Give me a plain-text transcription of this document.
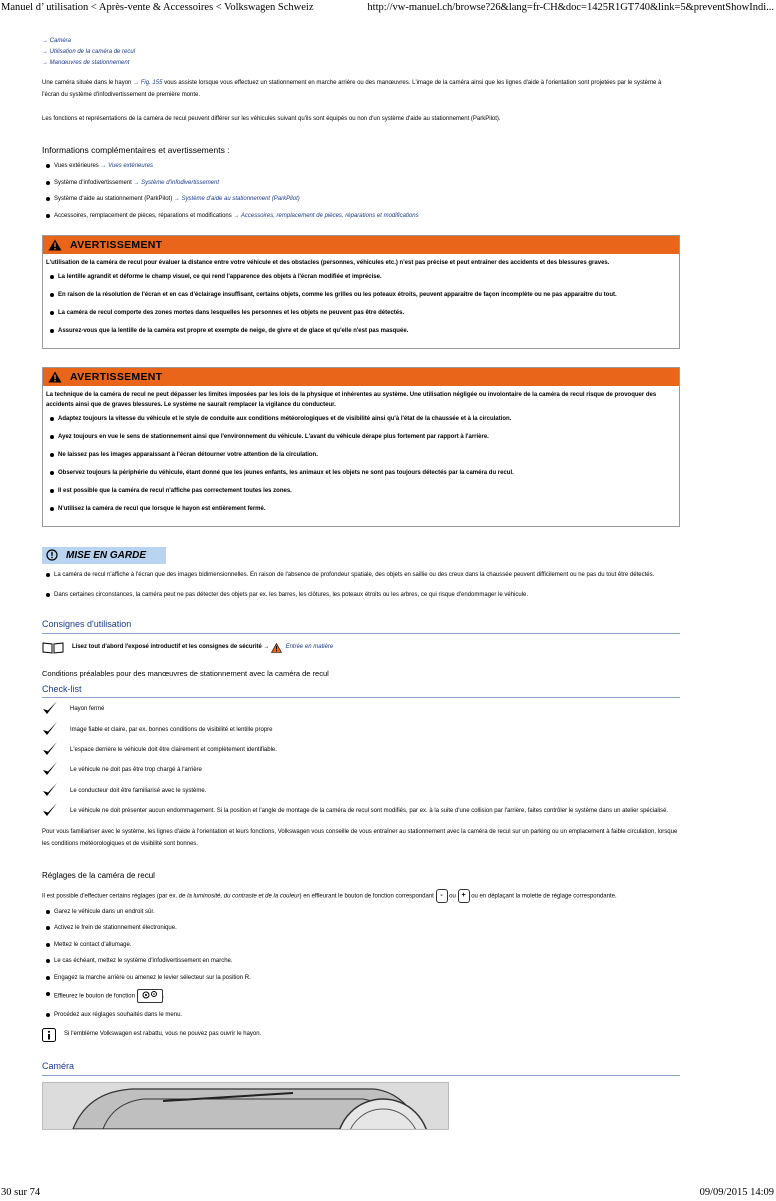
Manuel d’ utilisation < Après-vente & Accessoires < Volkswagen Schweiz	http://vw-manuel.ch/browse?26&lang=fr-CH&doc=1425R1GT740&link=5&preventShowIndi...
→ Caméra
→ Utilisation de la caméra de recul
→ Manœuvres de stationnement

Une caméra située dans le hayon → Fig. 155 vous assiste lorsque vous effectuez un stationnement en marche arrière ou des manœuvres. L'image de la caméra ainsi que les lignes d'aide à l'orientation sont projetées par le système à l'écran du système d'infodivertissement de première monte.

Les fonctions et représentations de la caméra de recul peuvent différer sur les véhicules suivant qu'ils sont équipés ou non d'un système d'aide au stationnement (ParkPilot).

Informations complémentaires et avertissements :
Vues extérieures → Vues extérieures
Système d'infodivertissement → Système d'infodivertissement
Système d'aide au stationnement (ParkPilot) → Système d'aide au stationnement (ParkPilot)
Accessoires, remplacement de pièces, réparations et modifications → Accessoires, remplacement de pièces, réparations et modifications
AVERTISSEMENT

L'utilisation de la caméra de recul pour évaluer la distance entre votre véhicule et des obstacles (personnes, véhicules etc.) n'est pas précise et peut entraîner des accidents et des blessures graves.

La lentille agrandit et déforme le champ visuel, ce qui rend l'apparence des objets à l'écran modifiée et imprécise.
En raison de la résolution de l'écran et en cas d'éclairage insuffisant, certains objets, comme les grilles ou les poteaux étroits, peuvent apparaître de façon incomplète ou ne pas apparaître du tout.
La caméra de recul comporte des zones mortes dans lesquelles les personnes et les objets ne peuvent pas être détectés.
Assurez-vous que la lentille de la caméra est propre et exempte de neige, de givre et de glace et qu'elle n'est pas masquée.
AVERTISSEMENT

La technique de la caméra de recul ne peut dépasser les limites imposées par les lois de la physique et inhérentes au système. Une utilisation négligée ou involontaire de la caméra de recul risque de provoquer des accidents ainsi que de graves blessures. Le système ne saurait remplacer la vigilance du conducteur.

Adaptez toujours la vitesse du véhicule et le style de conduite aux conditions météorologiques et de visibilité ainsi qu'à l'état de la chaussée et à la circulation.
Ayez toujours en vue le sens de stationnement ainsi que l'environnement du véhicule. L'avant du véhicule dérape plus fortement par rapport à l'arrière.
Ne laissez pas les images apparaissant à l'écran détourner votre attention de la circulation.
Observez toujours la périphérie du véhicule, étant donné que les jeunes enfants, les animaux et les objets ne sont pas toujours détectés par la caméra du recul.
Il est possible que la caméra de recul n'affiche pas correctement toutes les zones.
N'utilisez la caméra de recul que lorsque le hayon est entièrement fermé.
MISE EN GARDE
La caméra de recul n'affiche à l'écran que des images bidimensionnelles. En raison de l'absence de profondeur spatiale, des objets en saillie ou des creux dans la chaussée peuvent difficilement ou ne pas du tout être détectés.
Dans certaines circonstances, la caméra peut ne pas détecter des objets par ex. les barres, les clôtures, les poteaux étroits ou les arbres, ce qui risque d'endommager le véhicule.
Consignes d'utilisation
Lisez tout d'abord l'exposé introductif et les consignes de sécurité →	Entrée en matière
Conditions préalables pour des manœuvres de stationnement avec la caméra de recul
Check-list
Hayon fermé
Image fiable et claire, par ex. bonnes conditions de visibilité et lentille propre
L'espace derrière le véhicule doit être clairement et complètement identifiable.
Le véhicule ne doit pas être trop chargé à l'arrière
Le conducteur doit être familiarisé avec le système.
Le véhicule ne doit présenter aucun endommagement. Si la position et l'angle de montage de la caméra de recul sont modifiés, par ex. à la suite d'une collision par l'arrière, faites contrôler le système dans un atelier spécialisé.

Pour vous familiariser avec le système, les lignes d'aide à l'orientation et leurs fonctions, Volkswagen vous conseille de vous entraîner au stationnement avec la caméra de recul sur un parking ou un emplacement à faible circulation, lorsque les conditions météorologiques et de visibilité sont bonnes.

Réglages de la caméra de recul

Il est possible d'effectuer certains réglages (par ex. de la luminosité, du contraste et de la couleur) en effleurant le bouton de fonction correspondant - ou + ou en déplaçant la molette de réglage correspondante.

Garez le véhicule dans un endroit sûr.
Activez le frein de stationnement électronique.
Mettez le contact d'allumage.
Le cas échéant, mettez le système d'infodivertissement en marche.
Engagez la marche arrière ou amenez le levier sélecteur sur la position R.
Effleurez le bouton de fonction	.
Procédez aux réglages souhaités dans le menu.
Si l'emblème Volkswagen est rabattu, vous ne pouvez pas ouvrir le hayon.
Caméra
30 sur 74	09/09/2015 14:09
